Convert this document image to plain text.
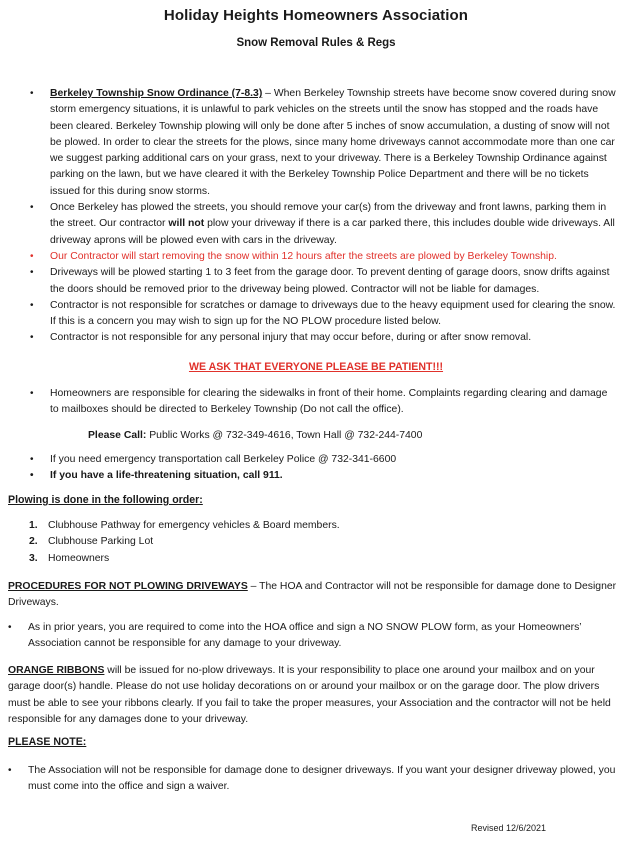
Holiday Heights Homeowners Association
Snow Removal Rules & Regs
• Berkeley Township Snow Ordinance (7-8.3) – When Berkeley Township streets have become snow covered during snow storm emergency situations, it is unlawful to park vehicles on the streets until the snow has stopped and the roads have been cleared. Berkeley Township plowing will only be done after 5 inches of snow accumulation, a dusting of snow will not be plowed. In order to clear the streets for the plows, since many home driveways cannot accommodate more than one car we suggest parking additional cars on your grass, next to your driveway. There is a Berkeley Township Ordinance against parking on the lawn, but we have cleared it with the Berkeley Township Police Department and there will be no tickets issued for this during snow storms.
• Once Berkeley has plowed the streets, you should remove your car(s) from the driveway and front lawns, parking them in the street. Our contractor will not plow your driveway if there is a car parked there, this includes double wide driveways. All driveway aprons will be plowed even with cars in the driveway.
• Our Contractor will start removing the snow within 12 hours after the streets are plowed by Berkeley Township.
• Driveways will be plowed starting 1 to 3 feet from the garage door. To prevent denting of garage doors, snow drifts against the doors should be removed prior to the driveway being plowed. Contractor will not be liable for damages.
• Contractor is not responsible for scratches or damage to driveways due to the heavy equipment used for clearing the snow. If this is a concern you may wish to sign up for the NO PLOW procedure listed below.
• Contractor is not responsible for any personal injury that may occur before, during or after snow removal.
WE ASK THAT EVERYONE PLEASE BE PATIENT!!!
• Homeowners are responsible for clearing the sidewalks in front of their home. Complaints regarding clearing and damage to mailboxes should be directed to Berkeley Township (Do not call the office).
Please Call: Public Works @ 732-349-4616, Town Hall @ 732-244-7400
• If you need emergency transportation call Berkeley Police @ 732-341-6600
• If you have a life-threatening situation, call 911.
Plowing is done in the following order:
1. Clubhouse Pathway for emergency vehicles & Board members.
2. Clubhouse Parking Lot
3. Homeowners
PROCEDURES FOR NOT PLOWING DRIVEWAYS – The HOA and Contractor will not be responsible for damage done to Designer Driveways.
• As in prior years, you are required to come into the HOA office and sign a NO SNOW PLOW form, as your Homeowners’ Association cannot be responsible for any damage to your driveway.
ORANGE RIBBONS will be issued for no-plow driveways. It is your responsibility to place one around your mailbox and on your garage door(s) handle. Please do not use holiday decorations on or around your mailbox or on the garage door. The plow drivers must be able to see your ribbons clearly. If you fail to take the proper measures, your Association and the contractor will not be held responsible for any damages done to your driveway.
PLEASE NOTE:
• The Association will not be responsible for damage done to designer driveways. If you want your designer driveway plowed, you must come into the office and sign a waiver.
Revised 12/6/2021
